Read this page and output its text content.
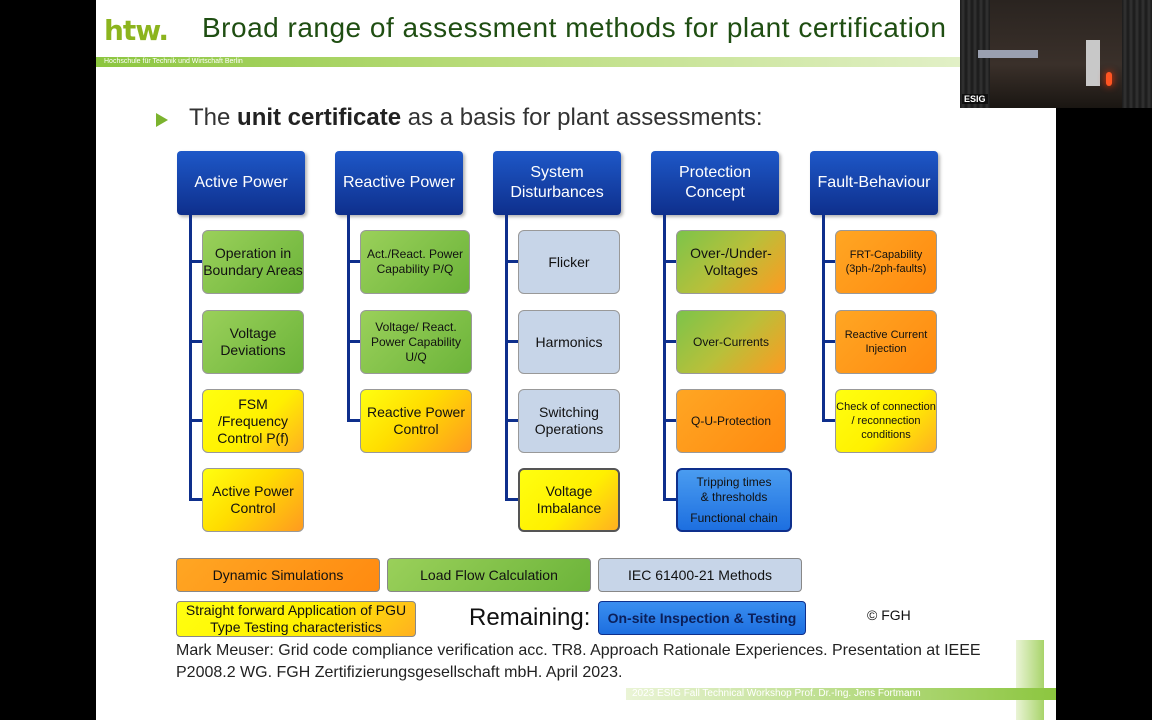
htw. Broad range of assessment methods for plant certification
Hochschule für Technik und Wirtschaft Berlin
The unit certificate as a basis for plant assessments:
Active Power
Operation in Boundary Areas
Voltage Deviations
FSM /Frequency Control P(f)
Active Power Control
Reactive Power
Act./React. Power Capability P/Q
Voltage/ React. Power Capability U/Q
Reactive Power Control
System Disturbances
Flicker
Harmonics
Switching Operations
Voltage Imbalance
Protection Concept
Over-/Under-Voltages
Over-Currents
Q-U-Protection
Tripping times & thresholds
Functional chain
Fault-Behaviour
FRT-Capability (3ph-/2ph-faults)
Reactive Current Injection
Check of connection / reconnection conditions
Dynamic Simulations	Load Flow Calculation	IEC 61400-21 Methods
Straight forward Application of PGU Type Testing characteristics	Remaining:	On-site Inspection & Testing	© FGH
Mark Meuser: Grid code compliance verification acc. TR8. Approach Rationale Experiences. Presentation at IEEE P2008.2 WG. FGH Zertifizierungsgesellschaft mbH. April 2023.
2023 ESIG Fall Technical Workshop Prof. Dr.-Ing. Jens Fortmann
ESIG
